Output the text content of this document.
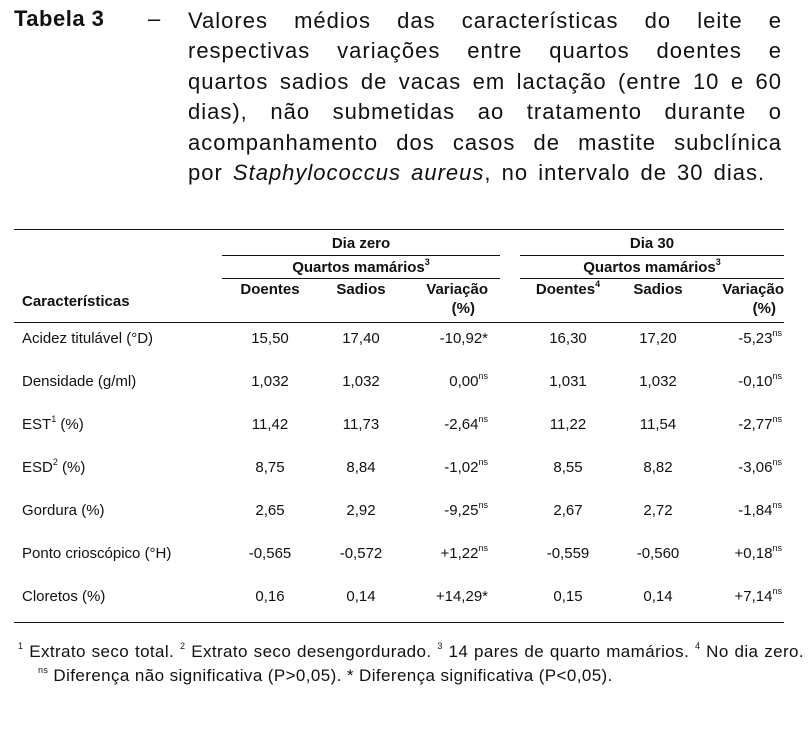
Tabela 3 – Valores médios das características do leite e respectivas variações entre quartos doentes e quartos sadios de vacas em lactação (entre 10 e 60 dias), não submetidas ao tratamento durante o acompanhamento dos casos de mastite subclínica por Staphylococcus aureus, no intervalo de 30 dias.
Dia zero	Dia 30
Quartos mamários$^3$	Quartos mamários$^3$
Características
Doentes	Sadios	Variação
(%)
Doentes$^4$	Sadios	Variação
(%)
Acidez titulável (°D)	15,50	17,40	-10,92*	16,30	17,20	$-5,23^{ns}$
Densidade (g/ml)	1,032	1,032	$0,00^{ns}$	1,031	1,032	$-0,10^{ns}$
EST$^1$ (%)	11,42	11,73	$-2,64^{ns}$	11,22	11,54	$-2,77^{ns}$
ESD$^2$ (%)	8,75	8,84	$-1,02^{ns}$	8,55	8,82	$-3,06^{ns}$
Gordura (%)	2,65	2,92	$-9,25^{ns}$	2,67	2,72	$-1,84^{ns}$
Ponto crioscópico (°H)	-0,565	-0,572	$+1,22^{ns}$	-0,559	-0,560	$+0,18^{ns}$
Cloretos (%)	0,16	0,14	+14,29*	0,15	0,14	$+7,14^{ns}$
$^1$ Extrato seco total. $^2$ Extrato seco desengordurado. $^3$ 14 pares de quarto mamários. $^4$ No dia zero. $^{ns}$ Diferença não significativa (P>0,05). * Diferença significativa (P<0,05).
